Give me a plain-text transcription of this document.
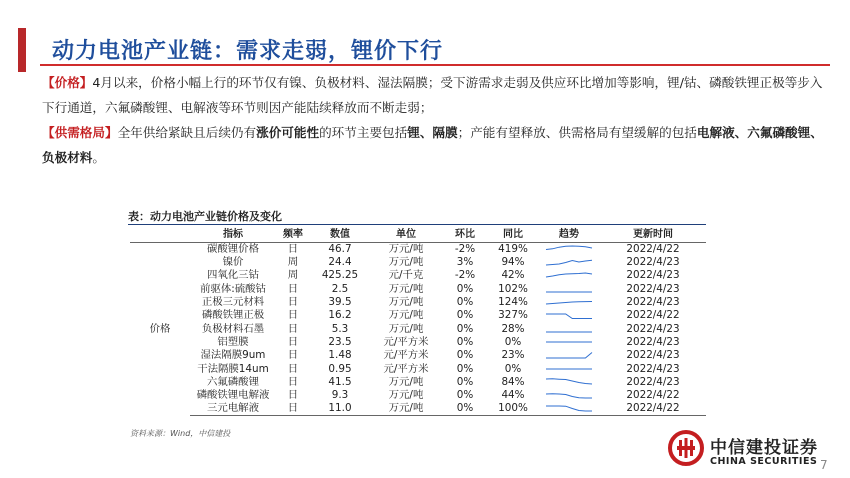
动力电池产业链：需求走弱，锂价下行

【价格】4月以来，价格小幅上行的环节仅有镍、负极材料、湿法隔膜；受下游需求走弱及供应环比增加等影响，锂/钴、磷酸铁锂正极等步入下行通道，六氟磷酸锂、电解液等环节则因产能陆续释放而不断走弱；

【供需格局】全年供给紧缺且后续仍有涨价可能性的环节主要包括锂、隔膜；产能有望释放、供需格局有望缓解的包括电解液、六氟磷酸锂、负极材料。

表：动力电池产业链价格及变化
	指标	频率	数值	单位	环比	同比	趋势	更新时间
价格	碳酸锂价格	日	46.7	万元/吨	-2%	419%		2022/4/22
	镍价	周	24.4	万元/吨	3%	94%		2022/4/23
	四氧化三钴	周	425.25	元/千克	-2%	42%		2022/4/23
	前驱体:硫酸钴	日	2.5	万元/吨	0%	102%		2022/4/23
	正极三元材料	日	39.5	万元/吨	0%	124%		2022/4/23
	磷酸铁锂正极	日	16.2	万元/吨	0%	327%		2022/4/22
	负极材料石墨	日	5.3	万元/吨	0%	28%		2022/4/23
	铝塑膜	日	23.5	元/平方米	0%	0%		2022/4/23
	湿法隔膜9um	日	1.48	元/平方米	0%	23%		2022/4/23
	干法隔膜14um	日	0.95	元/平方米	0%	0%		2022/4/23
	六氟磷酸锂	日	41.5	万元/吨	0%	84%		2022/4/23
	磷酸铁锂电解液	日	9.3	万元/吨	0%	44%		2022/4/22
	三元电解液	日	11.0	万元/吨	0%	100%		2022/4/22
资料来源：Wind，中信建投
中信建投证券
CHINA SECURITIES 7
